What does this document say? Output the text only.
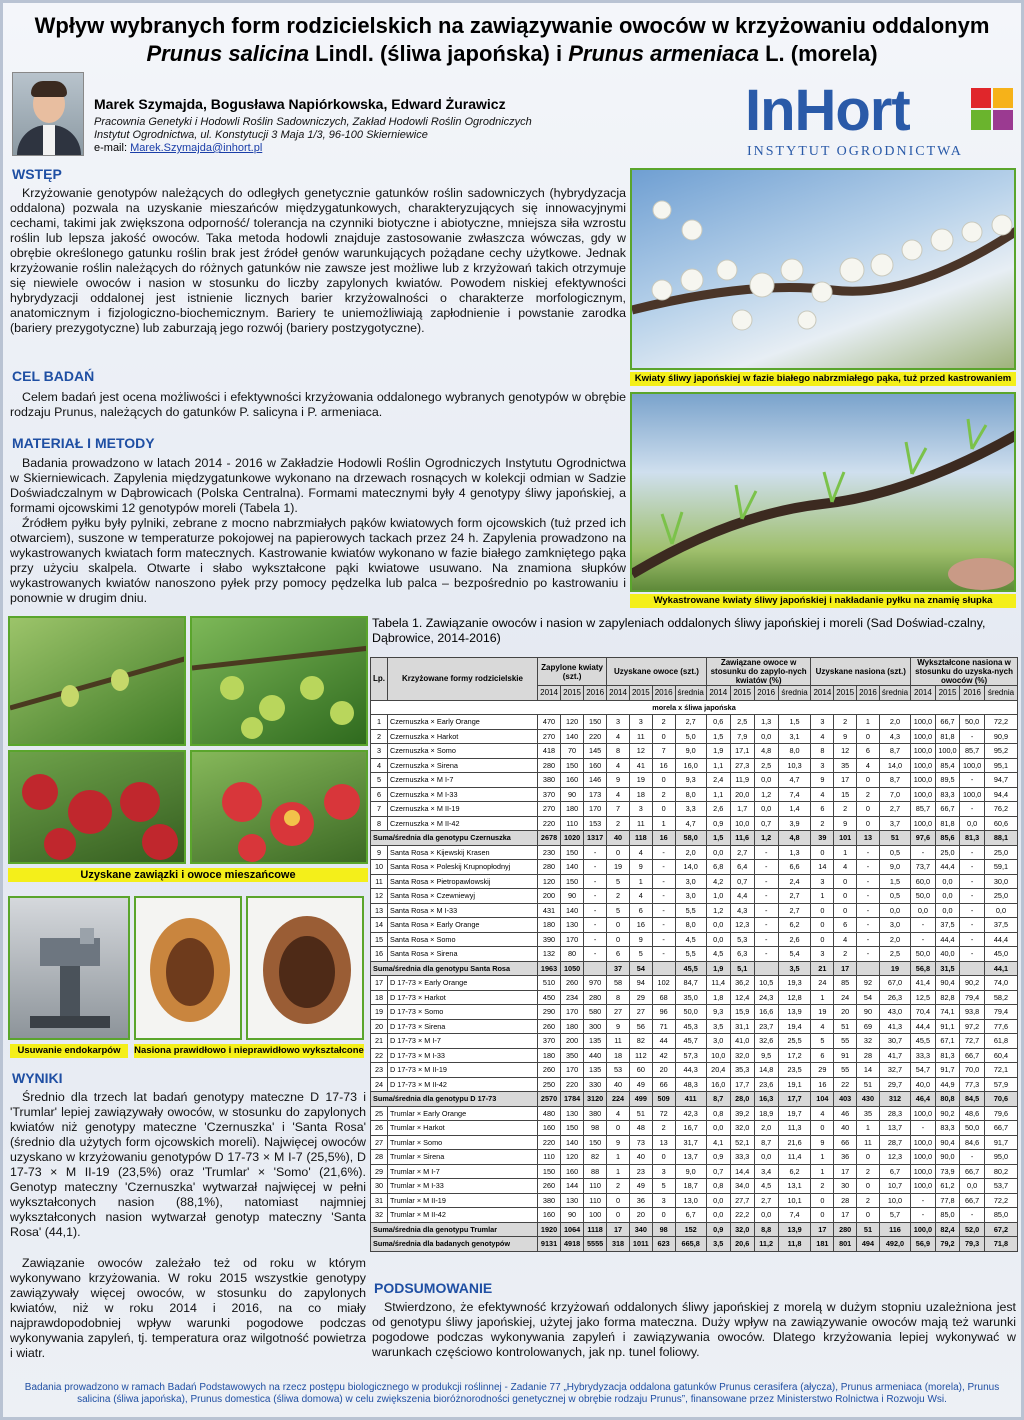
Wpływ wybranych form rodzicielskich na zawiązywanie owoców w krzyżowaniu oddalonym
Prunus salicina Lindl. (śliwa japońska) i Prunus armeniaca L. (morela)
Marek Szymajda, Bogusława Napiórkowska, Edward Żurawicz
Pracownia Genetyki i Hodowli Roślin Sadowniczych, Zakład Hodowli Roślin Ogrodniczych
Instytut Ogrodnictwa, ul. Konstytucji 3 Maja 1/3, 96-100 Skierniewice
e-mail: Marek.Szymajda@inhort.pl
InHort
INSTYTUT OGRODNICTWA
WSTĘP
Krzyżowanie genotypów należących do odległych genetycznie gatunków roślin sadowniczych (hybrydyzacja oddalona) pozwala na uzyskanie mieszańców międzygatunkowych, charakteryzujących się innowacyjnymi cechami, takimi jak zwiększona odporność/ tolerancja na czynniki biotyczne i abiotyczne, mniejsza siła wzrostu roślin lub lepsza jakość owoców. Taka metoda hodowli znajduje zastosowanie zwłaszcza wówczas, gdy w obrębie określonego gatunku roślin brak jest źródeł genów warunkujących pożądane cechy użytkowe. Jednak krzyżowanie roślin należących do różnych gatunków nie zawsze jest możliwe lub z krzyżowań takich otrzymuje się niewiele owoców i nasion w stosunku do liczby zapylonych kwiatów. Powodem niskiej efektywności hybrydyzacji oddalonej jest istnienie licznych barier krzyżowalności o charakterze morfologicznym, anatomicznym i fizjologiczno-biochemicznym. Bariery te uniemożliwiają zapłodnienie i powstanie zarodka (bariery prezygotyczne) lub zaburzają jego rozwój (bariery postzygotyczne).
CEL BADAŃ
Celem badań jest ocena możliwości i efektywności krzyżowania oddalonego wybranych genotypów w obrębie rodzaju Prunus, należących do gatunków P. salicyna i P. armeniaca.
MATERIAŁ I METODY
Badania prowadzono w latach 2014 - 2016 w Zakładzie Hodowli Roślin Ogrodniczych Instytutu Ogrodnictwa w Skierniewicach. Zapylenia międzygatunkowe wykonano na drzewach rosnących w kolekcji odmian w Sadzie Doświadczalnym w Dąbrowicach (Polska Centralna). Formami matecznymi były 4 genotypy śliwy japońskiej, a formami ojcowskimi 12 genotypów moreli (Tabela 1).
Źródłem pyłku były pylniki, zebrane z mocno nabrzmiałych pąków kwiatowych form ojcowskich (tuż przed ich otwarciem), suszone w temperaturze pokojowej na papierowych tackach przez 24 h. Zapylenia prowadzono na wykastrowanych kwiatach form matecznych. Kastrowanie kwiatów wykonano w fazie białego zamkniętego pąka przy użyciu skalpela. Otwarte i słabo wykształcone pąki kwiatowe usuwano. Na znamiona słupków wykastrowanych kwiatów nanoszono pyłek przy pomocy pędzelka lub palca – bezpośrednio po kastrowaniu i ponownie w drugim dniu.
Kwiaty śliwy japońskiej w fazie białego nabrzmiałego pąka, tuż przed kastrowaniem
Wykastrowane kwiaty śliwy japońskiej i nakładanie pyłku na znamię słupka
Uzyskane zawiązki i owoce mieszańcowe
Usuwanie endokarpów	Nasiona prawidłowo i nieprawidłowo wykształcone
WYNIKI
Średnio dla trzech lat badań genotypy mateczne D 17-73 i 'Trumlar' lepiej zawiązywały owoców, w stosunku do zapylonych kwiatów niż genotypy mateczne 'Czernuszka' i 'Santa Rosa' (średnio dla użytych form ojcowskich moreli). Najwięcej owoców uzyskano w krzyżowaniu genotypów D 17-73 × M I-7 (25,5%), D 17-73 × M II-19 (23,5%) oraz 'Trumlar' × 'Somo' (21,6%). Genotyp mateczny 'Czernuszka' wytwarzał najwięcej w pełni wykształconych nasion (88,1%), natomiast najmniej wykształconych nasion wytwarzał genotyp mateczny 'Santa Rosa' (44,1).
Zawiązanie owoców zależało też od roku w którym wykonywano krzyżowania. W roku 2015 wszystkie genotypy zawiązywały więcej owoców, w stosunku do zapylonych kwiatów, niż w roku 2014 i 2016, na co miały najprawdopodobniej wpływ warunki pogodowe podczas wykonywania zapyleń, tj. temperatura oraz wilgotność powietrza i wiatr.
Tabela 1. Zawiązanie owoców i nasion w zapyleniach oddalonych śliwy japońskiej i moreli (Sad Doświad-czalny, Dąbrowice, 2014-2016)
Lp.	Krzyżowane formy rodzicielskie	Zapylone kwiaty (szt.)			Uzyskane owoce (szt.)				Zawiązane owoce w stosunku do zapylo-nych kwiatów (%)				Uzyskane nasiona (szt.)				Wykształcone nasiona w stosunku do uzyska-nych owoców (%)			
		2014	2015	2016	2014	2015	2016	średnia	2014	2015	2016	średnia	2014	2015	2016	średnia	2014	2015	2016	średnia
morela x śliwa japońska																				
1	Czernuszka × Early Orange	470	120	150	3	3	2	2,7	0,6	2,5	1,3	1,5	3	2	1	2,0	100,0	66,7	50,0	72,2
2	Czernuszka × Harkot	270	140	220	4	11	0	5,0	1,5	7,9	0,0	3,1	4	9	0	4,3	100,0	81,8	-	90,9
3	Czernuszka × Somo	418	70	145	8	12	7	9,0	1,9	17,1	4,8	8,0	8	12	6	8,7	100,0	100,0	85,7	95,2
4	Czernuszka × Sirena	280	150	160	4	41	16	16,0	1,1	27,3	2,5	10,3	3	35	4	14,0	100,0	85,4	100,0	95,1
5	Czernuszka × M I-7	380	160	146	9	19	0	9,3	2,4	11,9	0,0	4,7	9	17	0	8,7	100,0	89,5	-	94,7
6	Czernuszka × M I-33	370	90	173	4	18	2	8,0	1,1	20,0	1,2	7,4	4	15	2	7,0	100,0	83,3	100,0	94,4
7	Czernuszka × M II-19	270	180	170	7	3	0	3,3	2,6	1,7	0,0	1,4	6	2	0	2,7	85,7	66,7	-	76,2
8	Czernuszka × M II-42	220	110	153	2	11	1	4,7	0,9	10,0	0,7	3,9	2	9	0	3,7	100,0	81,8	0,0	60,6
Suma/średnia dla genotypu Czernuszka		2678	1020	1317	40	118	16	58,0	1,5	11,6	1,2	4,8	39	101	13	51	97,6	85,6	81,3	88,1
9	Santa Rosa × Kijewskij Krasen	230	150	-	0	4	-	2,0	0,0	2,7	-	1,3	0	1	-	0,5	-	25,0	-	25,0
10	Santa Rosa × Poleskij Krupnopłodnyj	280	140	-	19	9	-	14,0	6,8	6,4	-	6,6	14	4	-	9,0	73,7	44,4	-	59,1
11	Santa Rosa × Pietropawlowskij	120	150	-	5	1	-	3,0	4,2	0,7	-	2,4	3	0	-	1,5	60,0	0,0	-	30,0
12	Santa Rosa × Czewniewyj	200	90	-	2	4	-	3,0	1,0	4,4	-	2,7	1	0	-	0,5	50,0	0,0	-	25,0
13	Santa Rosa × M I-33	431	140	-	5	6	-	5,5	1,2	4,3	-	2,7	0	0	-	0,0	0,0	0,0	-	0,0
14	Santa Rosa × Early Orange	180	130	-	0	16	-	8,0	0,0	12,3	-	6,2	0	6	-	3,0	-	37,5	-	37,5
15	Santa Rosa × Somo	390	170	-	0	9	-	4,5	0,0	5,3	-	2,6	0	4	-	2,0	-	44,4	-	44,4
16	Santa Rosa × Sirena	132	80	-	6	5	-	5,5	4,5	6,3	-	5,4	3	2	-	2,5	50,0	40,0	-	45,0
Suma/średnia dla genotypu Santa Rosa		1963	1050		37	54		45,5	1,9	5,1		3,5	21	17		19	56,8	31,5		44,1
17	D 17-73 × Early Orange	510	260	970	58	94	102	84,7	11,4	36,2	10,5	19,3	24	85	92	67,0	41,4	90,4	90,2	74,0
18	D 17-73 × Harkot	450	234	280	8	29	68	35,0	1,8	12,4	24,3	12,8	1	24	54	26,3	12,5	82,8	79,4	58,2
19	D 17-73 × Somo	290	170	580	27	27	96	50,0	9,3	15,9	16,6	13,9	19	20	90	43,0	70,4	74,1	93,8	79,4
20	D 17-73 × Sirena	260	180	300	9	56	71	45,3	3,5	31,1	23,7	19,4	4	51	69	41,3	44,4	91,1	97,2	77,6
21	D 17-73 × M I-7	370	200	135	11	82	44	45,7	3,0	41,0	32,6	25,5	5	55	32	30,7	45,5	67,1	72,7	61,8
22	D 17-73 × M I-33	180	350	440	18	112	42	57,3	10,0	32,0	9,5	17,2	6	91	28	41,7	33,3	81,3	66,7	60,4
23	D 17-73 × M II-19	260	170	135	53	60	20	44,3	20,4	35,3	14,8	23,5	29	55	14	32,7	54,7	91,7	70,0	72,1
24	D 17-73 × M II-42	250	220	330	40	49	66	48,3	16,0	17,7	23,6	19,1	16	22	51	29,7	40,0	44,9	77,3	57,9
Suma/średnia dla genotypu D 17-73		2570	1784	3120	224	499	509	411	8,7	28,0	16,3	17,7	104	403	430	312	46,4	80,8	84,5	70,6
25	Trumlar × Early Orange	480	130	380	4	51	72	42,3	0,8	39,2	18,9	19,7	4	46	35	28,3	100,0	90,2	48,6	79,6
26	Trumlar × Harkot	160	150	98	0	48	2	16,7	0,0	32,0	2,0	11,3	0	40	1	13,7	-	83,3	50,0	66,7
27	Trumlar × Somo	220	140	150	9	73	13	31,7	4,1	52,1	8,7	21,6	9	66	11	28,7	100,0	90,4	84,6	91,7
28	Trumlar × Sirena	110	120	82	1	40	0	13,7	0,9	33,3	0,0	11,4	1	36	0	12,3	100,0	90,0	-	95,0
29	Trumlar × M I-7	150	160	88	1	23	3	9,0	0,7	14,4	3,4	6,2	1	17	2	6,7	100,0	73,9	66,7	80,2
30	Trumlar × M I-33	260	144	110	2	49	5	18,7	0,8	34,0	4,5	13,1	2	30	0	10,7	100,0	61,2	0,0	53,7
31	Trumlar × M II-19	380	130	110	0	36	3	13,0	0,0	27,7	2,7	10,1	0	28	2	10,0	-	77,8	66,7	72,2
32	Trumlar × M II-42	160	90	100	0	20	0	6,7	0,0	22,2	0,0	7,4	0	17	0	5,7	-	85,0	-	85,0
Suma/średnia dla genotypu Trumlar		1920	1064	1118	17	340	98	152	0,9	32,0	8,8	13,9	17	280	51	116	100,0	82,4	52,0	67,2
Suma/średnia dla badanych genotypów		9131	4918	5555	318	1011	623	665,8	3,5	20,6	11,2	11,8	181	801	494	492,0	56,9	79,2	79,3	71,8
PODSUMOWANIE
Stwierdzono, że efektywność krzyżowań oddalonych śliwy japońskiej z morelą w dużym stopniu uzależniona jest od genotypu śliwy japońskiej, użytej jako forma mateczna. Duży wpływ na zawiązywanie owoców mają też warunki pogodowe podczas wykonywania zapyleń i zawiązywania owoców. Dlatego krzyżowania lepiej wykonywać w warunkach częściowo kontrolowanych, jak np. tunel foliowy.
Badania prowadzono w ramach Badań Podstawowych na rzecz postępu biologicznego w produkcji roślinnej - Zadanie 77 „Hybrydyzacja oddalona gatunków Prunus cerasifera (ałycza), Prunus armeniaca (morela), Prunus salicina (śliwa japońska), Prunus domestica (śliwa domowa) w celu zwiększenia bioróżnorodności genetycznej w obrębie rodzaju Prunus”, finansowane przez Ministerstwo Rolnictwa i Rozwoju Wsi.
